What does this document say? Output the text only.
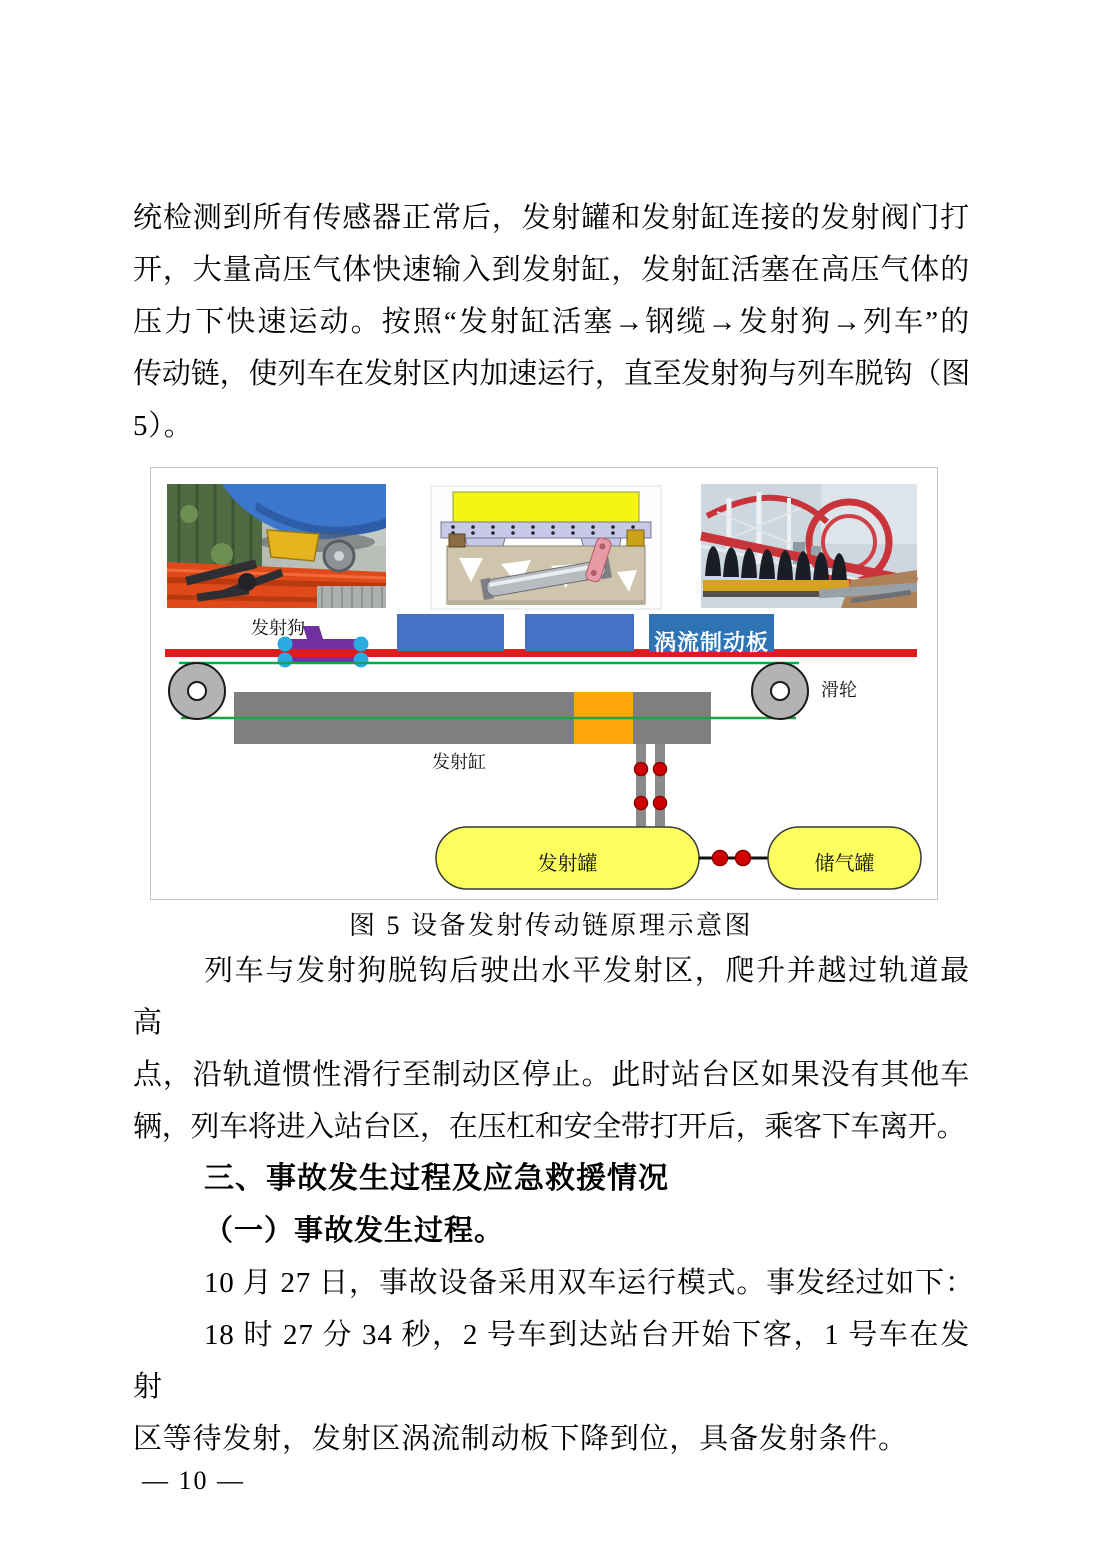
统检测到所有传感器正常后，发射罐和发射缸连接的发射阀门打
开，大量高压气体快速输入到发射缸，发射缸活塞在高压气体的
压力下快速运动。按照“发射缸活塞→钢缆→发射狗→列车”的
传动链，使列车在发射区内加速运行，直至发射狗与列车脱钩（图
5）。
发射狗
涡流制动板
滑轮
发射缸
发射罐	储气罐
图 5 设备发射传动链原理示意图
列车与发射狗脱钩后驶出水平发射区，爬升并越过轨道最高
点，沿轨道惯性滑行至制动区停止。此时站台区如果没有其他车
辆，列车将进入站台区，在压杠和安全带打开后，乘客下车离开。
三、事故发生过程及应急救援情况
（一）事故发生过程。
10 月 27 日，事故设备采用双车运行模式。事发经过如下：
18 时 27 分 34 秒，2 号车到达站台开始下客，1 号车在发射
区等待发射，发射区涡流制动板下降到位，具备发射条件。
— 10 —
